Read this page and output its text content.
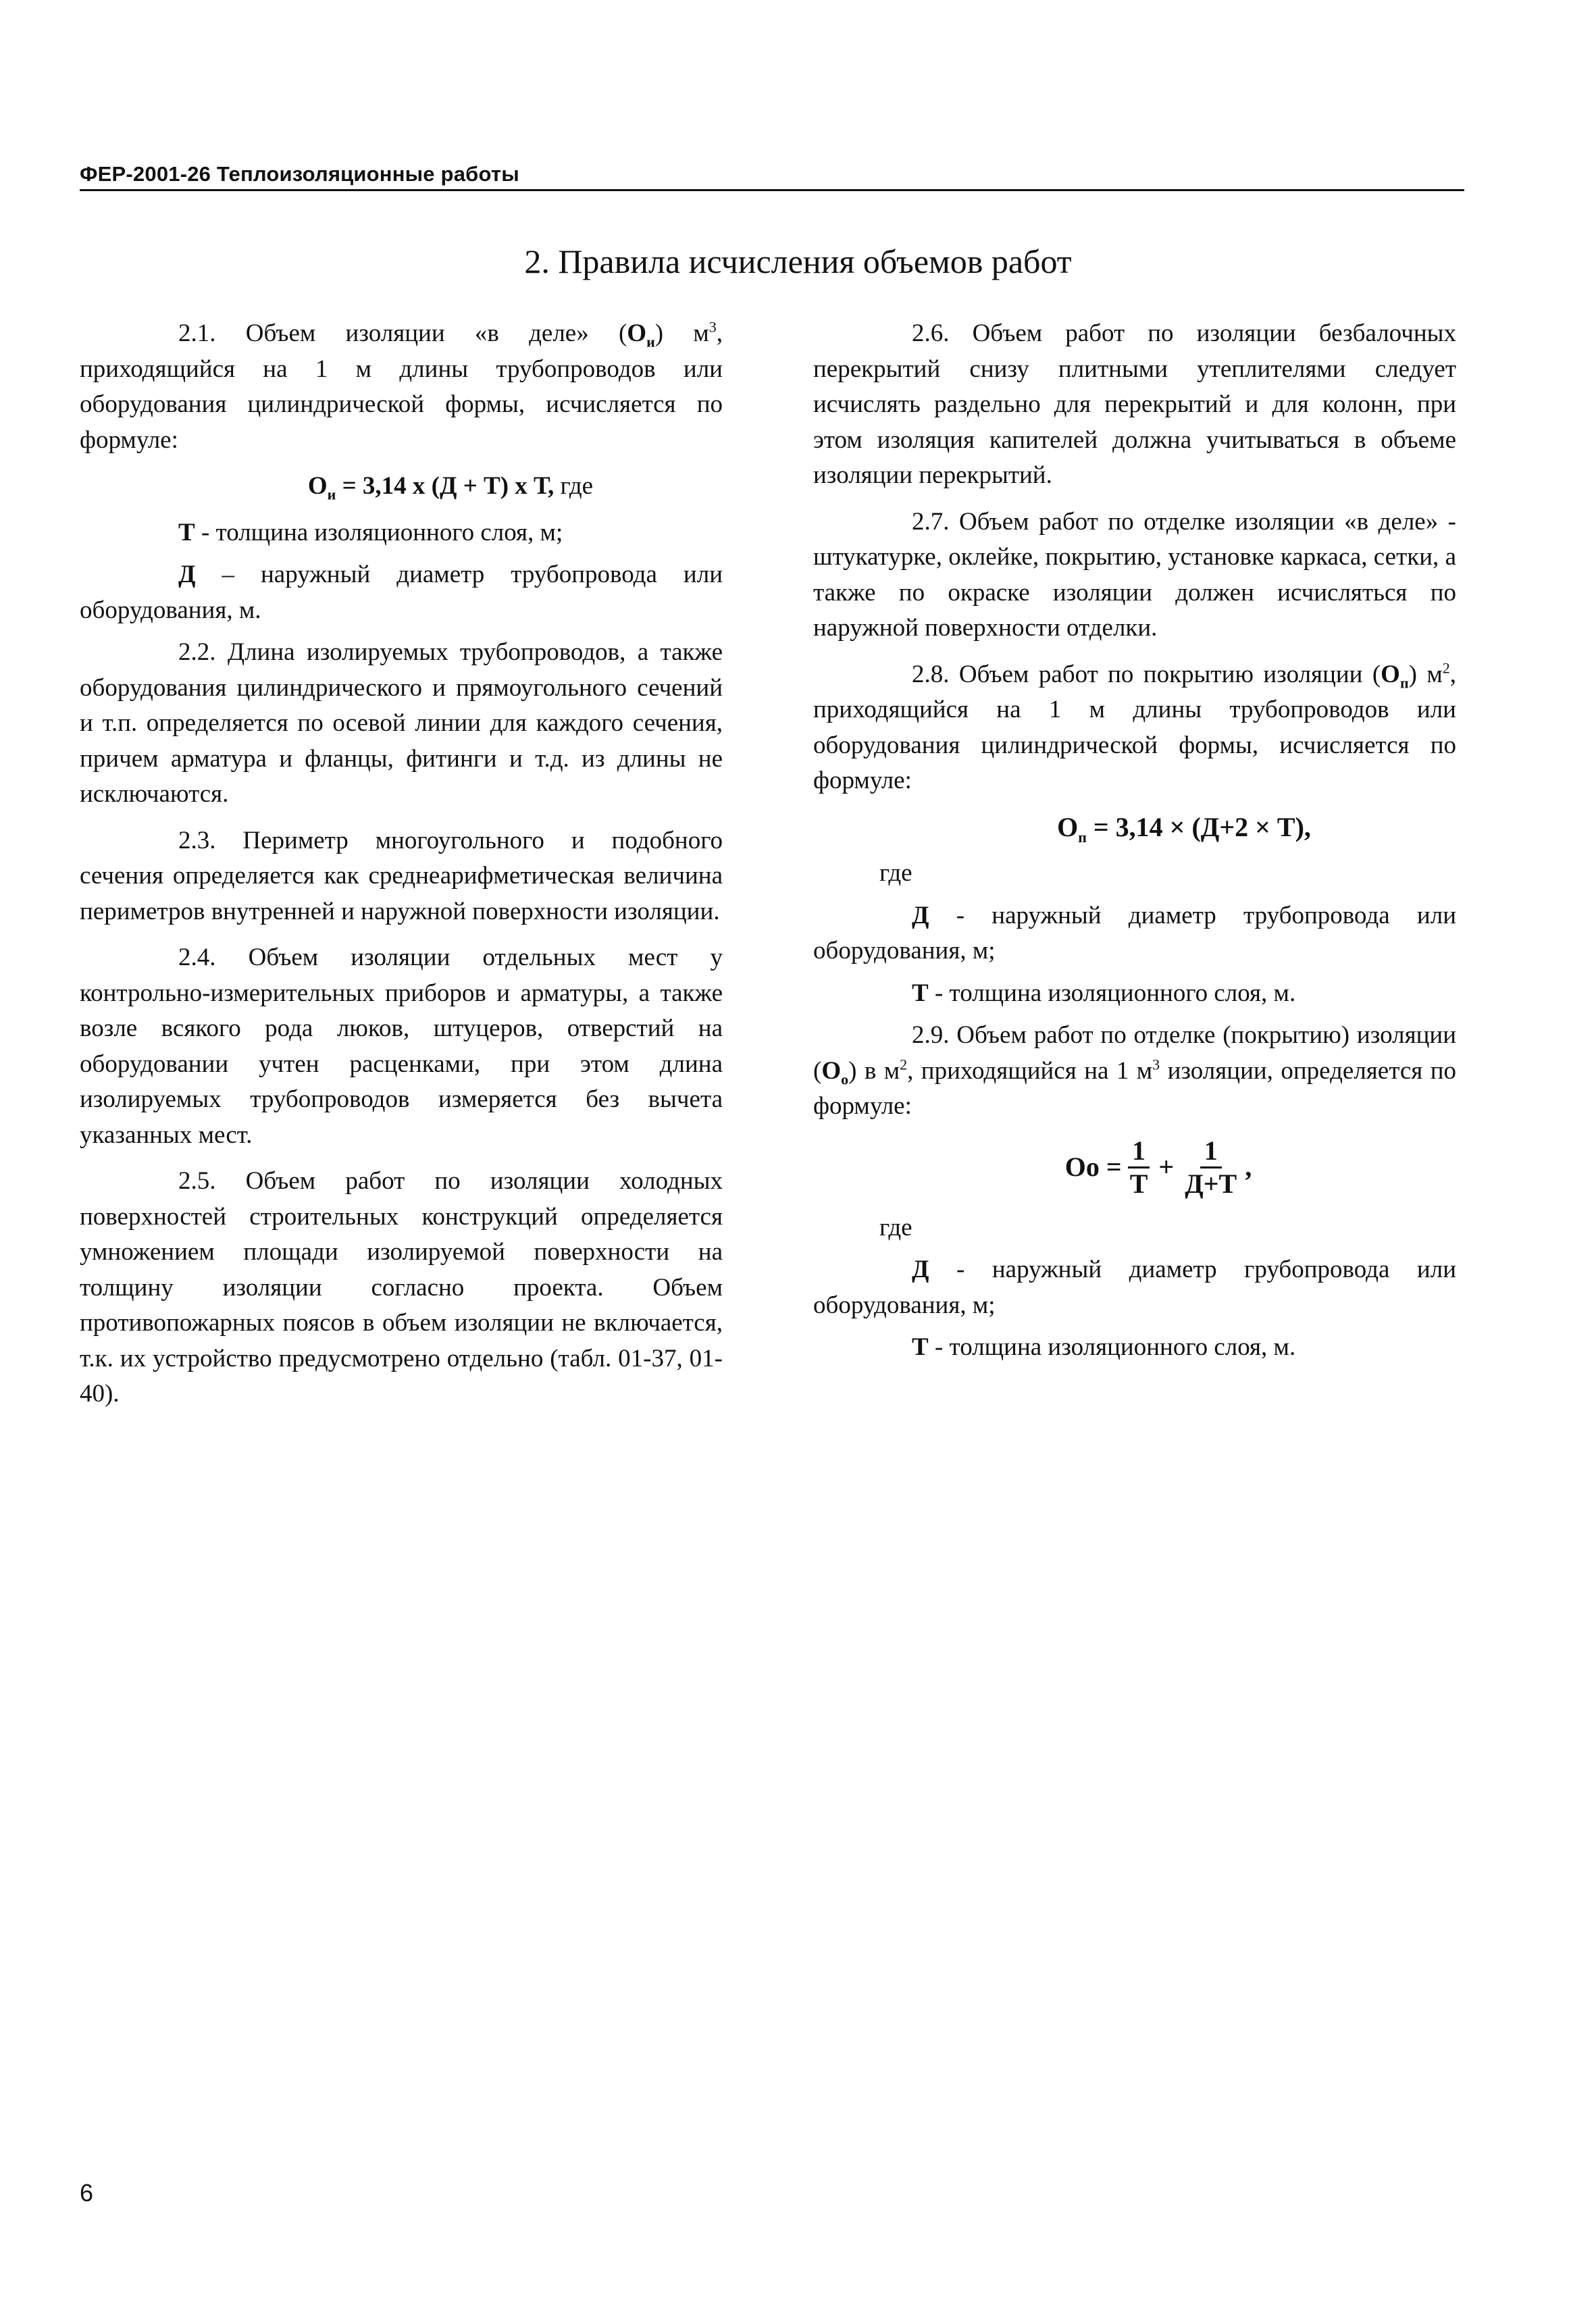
ФЕР-2001-26 Теплоизоляционные работы
2. Правила исчисления объемов работ

2.1. Объем изоляции «в деле» $(О_и)$ $м^3$, приходящийся на 1 м длины трубопроводов или оборудования цилиндрической формы, исчисляется по формуле:

$О_и = 3,14$ х (Д + Т) х Т, где

Т - толщина изоляционного слоя, м;

Д – наружный диаметр трубопровода или оборудования, м.

2.2. Длина изолируемых трубопроводов, а также оборудования цилиндрического и прямоугольного сечений и т.п. определяется по осевой линии для каждого сечения, причем арматура и фланцы, фитинги и т.д. из длины не исключаются.

2.3. Периметр многоугольного и подобного сечения определяется как среднеарифметическая величина периметров внутренней и наружной поверхности изоляции.

2.4. Объем изоляции отдельных мест у контрольно-измерительных приборов и арматуры, а также возле всякого рода люков, штуцеров, отверстий на оборудовании учтен расценками, при этом длина изолируемых трубопроводов измеряется без вычета указанных мест.

2.5. Объем работ по изоляции холодных поверхностей строительных конструкций определяется умножением площади изолируемой поверхности на толщину изоляции согласно проекта. Объем противопожарных поясов в объем изоляции не включается, т.к. их устройство предусмотрено отдельно (табл. 01-37, 01-40).

2.6. Объем работ по изоляции безбалочных перекрытий снизу плитными утеплителями следует исчислять раздельно для перекрытий и для колонн, при этом изоляция капителей должна учитываться в объеме изоляции перекрытий.

2.7. Объем работ по отделке изоляции «в деле» - штукатурке, оклейке, покрытию, установке каркаса, сетки, а также по окраске изоляции должен исчисляться по наружной поверхности отделки.

2.8. Объем работ по покрытию изоляции $(О_п)$ $м^2$, приходящийся на 1 м длины трубопроводов или оборудования цилиндрической формы, исчисляется по формуле:

$О_п = 3,14 \times (Д+2 \times Т)$,

где

Д - наружный диаметр трубопровода или оборудования, м;

Т - толщина изоляционного слоя, м.

2.9. Объем работ по отделке (покрытию) изоляции $(О_о)$ в $м^2$, приходящийся на 1 $м^3$ изоляции, определяется по формуле:

Оо = $\frac{1}{Т} + \frac{1}{Д+Т}$ ,

где

Д - наружный диаметр грубопровода или оборудования, м;

Т - толщина изоляционного слоя, м.

6
